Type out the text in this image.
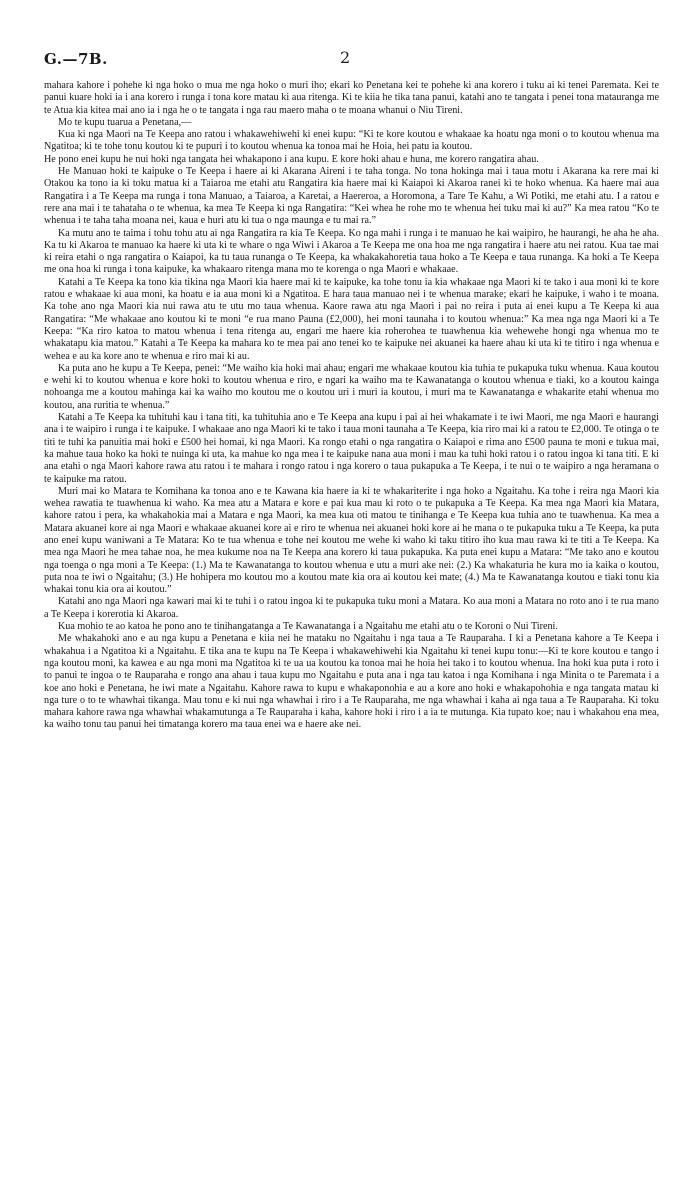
G.—7B.	2

mahara kahore i pohehe ki nga hoko o mua me nga hoko o muri iho; ekari ko Penetana kei te pohehe ki ana korero i tuku ai ki tenei Paremata. Kei te panui kuare hoki ia i ana korero i runga i tona kore matau ki aua ritenga. Ki te kiia he tika tana panui, katahi ano te tangata i penei tona matauranga me te Atua kia kitea mai ano ia i nga he o te tangata i nga rau maero maha o te moana whanui o Niu Tireni.

Mo te kupu tuarua a Penetana,—

Kua ki nga Maori na Te Keepa ano ratou i whakawehiwehi ki enei kupu: “Ki te kore koutou e whakaae ka hoatu nga moni o to koutou whenua ma Ngatitoa; ki te tohe tonu koutou ki te pupuri i to koutou whenua ka tonoa mai he Hoia, hei patu ia koutou.

He pono enei kupu he nui hoki nga tangata hei whakapono i ana kupu. E kore hoki ahau e huna, me korero rangatira ahau.

He Manuao hoki te kaipuke o Te Keepa i haere ai ki Akarana Aireni i te taha tonga. No tona hokinga mai i taua motu i Akarana ka rere mai ki Otakou ka tono ia ki toku matua ki a Taiaroa me etahi atu Rangatira kia haere mai ki Kaiapoi ki Akaroa ranei ki te hoko whenua. Ka haere mai aua Rangatira i a Te Keepa ma runga i tona Manuao, a Taiaroa, a Karetai, a Haereroa, a Horomona, a Tare Te Kahu, a Wi Potiki, me etahi atu. I a ratou e rere ana mai i te tahataha o te whenua, ka mea Te Keepa ki nga Rangatira: “Kei whea he rohe mo te whenua hei tuku mai ki au?” Ka mea ratou “Ko te whenua i te taha taha moana nei, kaua e huri atu ki tua o nga maunga e tu mai ra.”

Ka mutu ano te taima i tohu tohu atu ai nga Rangatira ra kia Te Keepa. Ko nga mahi i runga i te manuao he kai waipiro, he haurangi, he aha he aha. Ka tu ki Akaroa te manuao ka haere ki uta ki te whare o nga Wiwi i Akaroa a Te Keepa me ona hoa me nga rangatira i haere atu nei ratou. Kua tae mai ki reira etahi o nga rangatira o Kaiapoi, ka tu taua runanga o Te Keepa, ka whakakahoretia taua hoko a Te Keepa e taua runanga. Ka hoki a Te Keepa me ona hoa ki runga i tona kaipuke, ka whakaaro ritenga mana mo te korenga o nga Maori e whakaae.

Katahi a Te Keepa ka tono kia tikina nga Maori kia haere mai ki te kaipuke, ka tohe tonu ia kia whakaae nga Maori ki te tako i aua moni ki te kore ratou e whakaae ki aua moni, ka hoatu e ia aua moni ki a Ngatitoa. E hara taua manuao nei i te whenua marake; ekari he kaipuke, i waho i te moana. Ka tohe ano nga Maori kia nui rawa atu te utu mo taua whenua. Kaore rawa atu nga Maori i pai no reira i puta ai enei kupu a Te Keepa ki aua Rangatira: “Me whakaae ano koutou ki te moni “e rua mano Pauna (£2,000), hei moni taunaha i to koutou whenua:” Ka mea nga nga Maori ki a Te Keepa: “Ka riro katoa to matou whenua i tena ritenga au, engari me haere kia roherohea te tuawhenua kia wehewehe hongi nga whenua mo te whakatapu kia matou.” Katahi a Te Keepa ka mahara ko te mea pai ano tenei ko te kaipuke nei akuanei ka haere ahau ki uta ki te titiro i nga whenua e wehea e au ka kore ano te whenua e riro mai ki au.

Ka puta ano he kupu a Te Keepa, penei: “Me waiho kia hoki mai ahau; engari me whakaae koutou kia tuhia te pukapuka tuku whenua. Kaua koutou e wehi ki to koutou whenua e kore hoki to koutou whenua e riro, e ngari ka waiho ma te Kawanatanga o koutou whenua e tiaki, ko a koutou kainga nohoanga me a koutou mahinga kai ka waiho mo koutou me o koutou uri i muri ia koutou, i muri ma te Kawanatanga e whakarite etahi whenua mo koutou, ana ruritia te whenua.”

Katahi a Te Keepa ka tuhituhi kau i tana titi, ka tuhituhia ano e Te Keepa ana kupu i pai ai hei whakamate i te iwi Maori, me nga Maori e haurangi ana i te waipiro i runga i te kaipuke. I whakaae ano nga Maori ki te tako i taua moni taunaha a Te Keepa, kia riro mai ki a ratou te £2,000. Te otinga o te titi te tuhi ka panuitia mai hoki e £500 hei homai, ki nga Maori. Ka rongo etahi o nga rangatira o Kaiapoi e rima ano £500 pauna te moni e tukua mai, ka mahue taua hoko ka hoki te nuinga ki uta, ka mahue ko nga mea i te kaipuke nana aua moni i mau ka tuhi hoki ratou i o ratou ingoa ki tana titi. E ki ana etahi o nga Maori kahore rawa atu ratou i te mahara i rongo ratou i nga korero o taua pukapuka a Te Keepa, i te nui o te waipiro a nga heramana o te kaipuke ma ratou.

Muri mai ko Matara te Komihana ka tonoa ano e te Kawana kia haere ia ki te whakariterite i nga hoko a Ngaitahu. Ka tohe i reira nga Maori kia wehea rawatia te tuawhenua ki waho. Ka mea atu a Matara e kore e pai kua mau ki roto o te pukapuka a Te Keepa. Ka mea nga Maori kia Matara, kahore ratou i pera, ka whakahokia mai a Matara e nga Maori, ka mea kua oti matou te tinihanga e Te Keepa kua tuhia ano te tuawhenua. Ka mea a Matara akuanei kore ai nga Maori e whakaae akuanei kore ai e riro te whenua nei akuanei hoki kore ai he mana o te pukapuka tuku a Te Keepa, ka puta ano enei kupu waniwani a Te Matara: Ko te tua whenua e tohe nei koutou me wehe ki waho ki taku titiro iho kua mau rawa ki te titi a Te Keepa. Ka mea nga Maori he mea tahae noa, he mea kukume noa na Te Keepa ana korero ki taua pukapuka. Ka puta enei kupu a Matara: “Me tako ano e koutou nga toenga o nga moni a Te Keepa: (1.) Ma te Kawanatanga to koutou whenua e utu a muri ake nei: (2.) Ka whakaturia he kura mo ia kaika o koutou, puta noa te iwi o Ngaitahu; (3.) He hohipera mo koutou mo a koutou mate kia ora ai koutou kei mate; (4.) Ma te Kawanatanga koutou e tiaki tonu kia whakai tonu kia ora ai koutou.”

Katahi ano nga Maori nga kawari mai ki te tuhi i o ratou ingoa ki te pukapuka tuku moni a Matara. Ko aua moni a Matara no roto ano i te rua mano a Te Keepa i korerotia ki Akaroa.

Kua mohio te ao katoa he pono ano te tinihangatanga a Te Kawanatanga i a Ngaitahu me etahi atu o te Koroni o Nui Tireni.

Me whakahoki ano e au nga kupu a Penetana e kiia nei he mataku no Ngaitahu i nga taua a Te Rauparaha. I ki a Penetana kahore a Te Keepa i whakahua i a Ngatitoa ki a Ngaitahu. E tika ana te kupu na Te Keepa i whakawehiwehi kia Ngaitahu ki tenei kupu tonu:—Ki te kore koutou e tango i nga koutou moni, ka kawea e au nga moni ma Ngatitoa ki te ua ua koutou ka tonoa mai he hoia hei tako i to koutou whenua. Ina hoki kua puta i roto i to panui te ingoa o te Rauparaha e rongo ana ahau i taua kupu mo Ngaitahu e puta ana i nga tau katoa i nga Komihana i nga Minita o te Paremata i a koe ano hoki e Penetana, he iwi mate a Ngaitahu. Kahore rawa to kupu e whakaponohia e au a kore ano hoki e whakapohohia e nga tangata matau ki nga ture o to te whawhai tikanga. Mau tonu e ki nui nga whawhai i riro i a Te Rauparaha, me nga whawhai i kaha ai nga taua a Te Rauparaha. Ki toku mahara kahore rawa nga whawhai whakamutunga a Te Rauparaha i kaha, kahore hoki i riro i a ia te mutunga. Kia tupato koe; nau i whakahou ena mea, ka waiho tonu tau panui hei timatanga korero ma taua enei wa e haere ake nei.
